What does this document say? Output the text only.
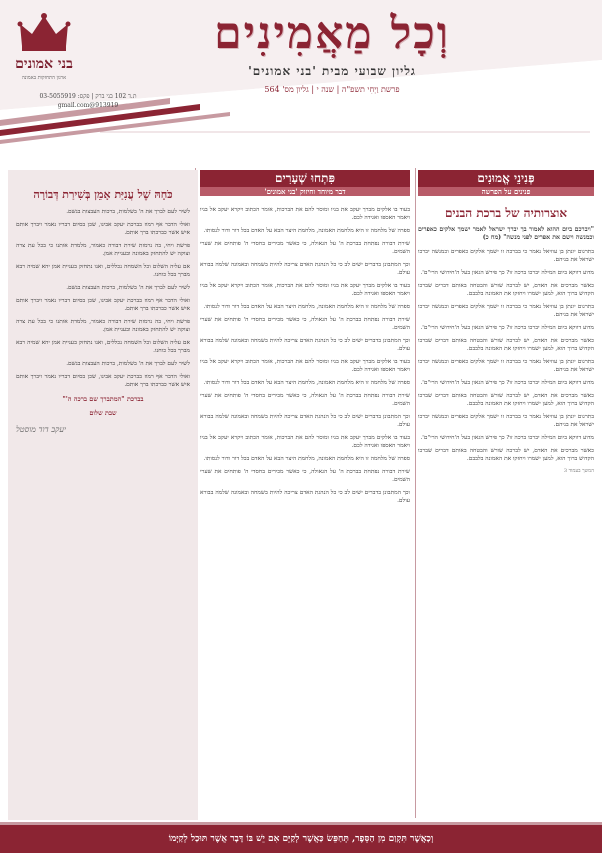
בני אמונים
ארגון התחזקות באמונה
ת.ד 102 בני ברק | פקס: 03-5055919
913919@gmail.com
וְכָל מַאֲמִינִים
גליון שבועי מבית 'בני אמונים'
פרשת וַיְחִי תשפ"ה | שנה י | גליון מס' 564
פְּנִינֵי אֱמוּנִים
פנינים על הפרשה
אוצרותיה של ברכת הבנים
"ויברכם ביום ההוא לאמור בך יברך ישראל לאמר ישמך אלקים כאפרים וכמנשה וישם את אפרים לפני מנשה" (מח כ)

בתרגום יונתן בן עוזיאל נאמר כי בברכה זו ישמך אלקים כאפרים וכמנשה יברכו ישראל את בניהם.

מדוע דווקא ביום המילה יברכו ברכה זו? כך פירש הגאון בעל ה'חידושי הרי"ם'.

כאשר מברכים את האדם, יש לברכה שורש והבטחה באותם דברים שברכו הקדוש ברוך הוא, למען ישמרו ויחזקו את האמונה בלבבם.

בתרגום יונתן בן עוזיאל נאמר כי בברכה זו ישמך אלקים כאפרים וכמנשה יברכו ישראל את בניהם.

מדוע דווקא ביום המילה יברכו ברכה זו? כך פירש הגאון בעל ה'חידושי הרי"ם'.

כאשר מברכים את האדם, יש לברכה שורש והבטחה באותם דברים שברכו הקדוש ברוך הוא, למען ישמרו ויחזקו את האמונה בלבבם.

בתרגום יונתן בן עוזיאל נאמר כי בברכה זו ישמך אלקים כאפרים וכמנשה יברכו ישראל את בניהם.

מדוע דווקא ביום המילה יברכו ברכה זו? כך פירש הגאון בעל ה'חידושי הרי"ם'.

כאשר מברכים את האדם, יש לברכה שורש והבטחה באותם דברים שברכו הקדוש ברוך הוא, למען ישמרו ויחזקו את האמונה בלבבם.

בתרגום יונתן בן עוזיאל נאמר כי בברכה זו ישמך אלקים כאפרים וכמנשה יברכו ישראל את בניהם.

מדוע דווקא ביום המילה יברכו ברכה זו? כך פירש הגאון בעל ה'חידושי הרי"ם'.

כאשר מברכים את האדם, יש לברכה שורש והבטחה באותם דברים שברכו הקדוש ברוך הוא, למען ישמרו ויחזקו את האמונה בלבבם.

המשך בעמוד 3
פִּתְחוּ שְׁעָרִים
דבר מיוחד וחיזוק 'בני אמונים'

בעוד בו אלקים מברך יעקב את בניו ומוסר להם את הברכות, אומר הכתוב ויקרא יעקב אל בניו ויאמר האספו ואגידה לכם.

ספרה של מלחמה זו היא מלחמת האמונה, מלחמת היצר הבא על האדם בכל דור ודור לנסותו.

שירת דבורה נפתחת בברכת ה' על הגאולה, כי כאשר מכירים בחסדי ה' פותחים את שערי השמים.

וכך המתבונן בדברים ישים לב כי כל הנהגת האדם צריכה להיות בשמחה ובאמונה שלמה בבורא עולם.

בעוד בו אלקים מברך יעקב את בניו ומוסר להם את הברכות, אומר הכתוב ויקרא יעקב אל בניו ויאמר האספו ואגידה לכם.

ספרה של מלחמה זו היא מלחמת האמונה, מלחמת היצר הבא על האדם בכל דור ודור לנסותו.

שירת דבורה נפתחת בברכת ה' על הגאולה, כי כאשר מכירים בחסדי ה' פותחים את שערי השמים.

וכך המתבונן בדברים ישים לב כי כל הנהגת האדם צריכה להיות בשמחה ובאמונה שלמה בבורא עולם.

בעוד בו אלקים מברך יעקב את בניו ומוסר להם את הברכות, אומר הכתוב ויקרא יעקב אל בניו ויאמר האספו ואגידה לכם.

ספרה של מלחמה זו היא מלחמת האמונה, מלחמת היצר הבא על האדם בכל דור ודור לנסותו.

שירת דבורה נפתחת בברכת ה' על הגאולה, כי כאשר מכירים בחסדי ה' פותחים את שערי השמים.

וכך המתבונן בדברים ישים לב כי כל הנהגת האדם צריכה להיות בשמחה ובאמונה שלמה בבורא עולם.

בעוד בו אלקים מברך יעקב את בניו ומוסר להם את הברכות, אומר הכתוב ויקרא יעקב אל בניו ויאמר האספו ואגידה לכם.

ספרה של מלחמה זו היא מלחמת האמונה, מלחמת היצר הבא על האדם בכל דור ודור לנסותו.

שירת דבורה נפתחת בברכת ה' על הגאולה, כי כאשר מכירים בחסדי ה' פותחים את שערי השמים.

וכך המתבונן בדברים ישים לב כי כל הנהגת האדם צריכה להיות בשמחה ובאמונה שלמה בבורא עולם.

כֹּחָהּ שֶׁל עֲנִיַּת אָמֵן בְּשִׁירַת דְּבוֹרָה

לשיר לעם לברך את ה' בשלמות, ברכות העבצות בגשם.

ואולי הדבר אף רמוז בברכת יעקב אבינו, שכן בסיום דבריו נאמר ויברך אותם איש אשר כברכתו ברך אותם.

פרשת ויחי, בה נרמזת שירת דבורה כאמור, מלמדת אותנו כי בכל עת צרה וצוקה יש להתחזק באמונה ובעניית אמן.

אם עליה השלום וכל השמחה נכללים, ואנו נתחזק בעניית אמן יהא שמיה רבא מברך בכל כוחנו.

לשיר לעם לברך את ה' בשלמות, ברכות העבצות בגשם.

ואולי הדבר אף רמוז בברכת יעקב אבינו, שכן בסיום דבריו נאמר ויברך אותם איש אשר כברכתו ברך אותם.

פרשת ויחי, בה נרמזת שירת דבורה כאמור, מלמדת אותנו כי בכל עת צרה וצוקה יש להתחזק באמונה ובעניית אמן.

אם עליה השלום וכל השמחה נכללים, ואנו נתחזק בעניית אמן יהא שמיה רבא מברך בכל כוחנו.

לשיר לעם לברך את ה' בשלמות, ברכות העבצות בגשם.

ואולי הדבר אף רמוז בברכת יעקב אבינו, שכן בסיום דבריו נאמר ויברך אותם איש אשר כברכתו ברך אותם.

בברכת "המתברך שם ברכה ה'"
שבת שלום
יעקב דוד מוסטל
וְכָאֲשֶׁר תִּקְוַם מִן הַסֵּפֶר, תְּחַפֵּשׂ כַּאֲשֶׁר לְקַיֵּם אִם יֵשׁ בּוֹ דָּבָר אֲשֶׁר תּוּכַל לְקַיְּמוֹ
